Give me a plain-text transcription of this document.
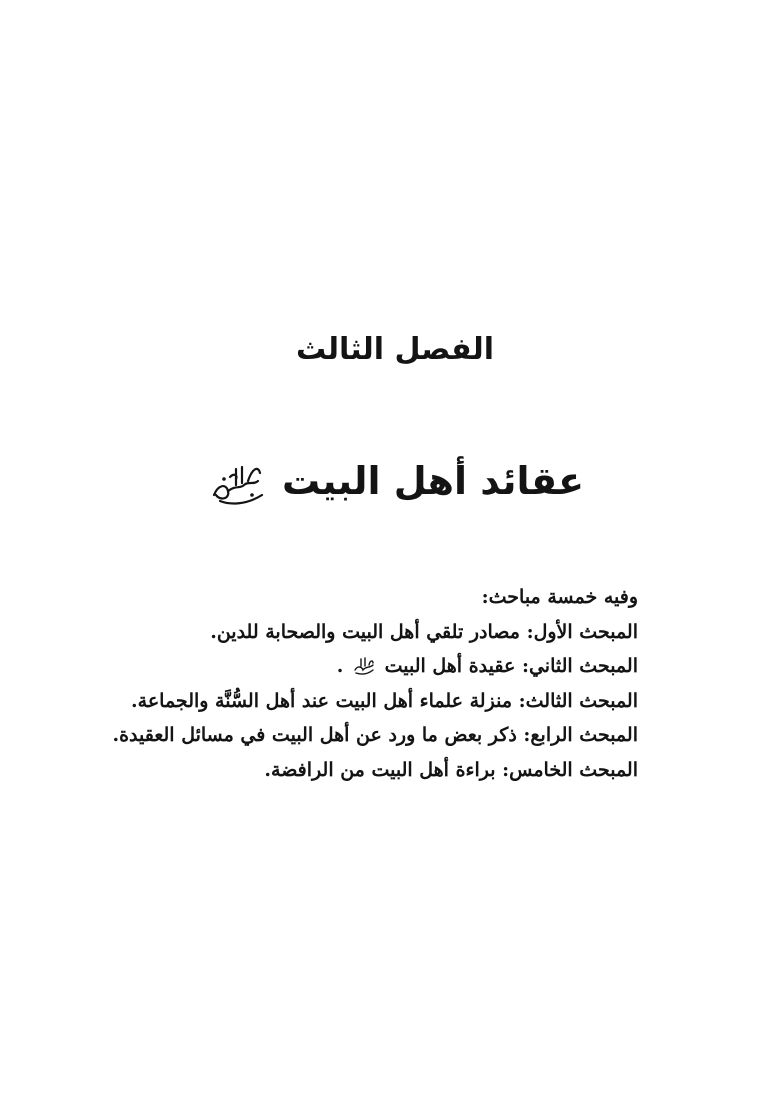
الفصل الثالث
عقائد أهل البيت
وفيه خمسة مباحث:
المبحث الأول: مصادر تلقي أهل البيت والصحابة للدين.
المبحث الثاني: عقيدة أهل البيت  .
المبحث الثالث: منزلة علماء أهل البيت عند أهل السُّنَّة والجماعة.
المبحث الرابع: ذكر بعض ما ورد عن أهل البيت في مسائل العقيدة.
المبحث الخامس: براءة أهل البيت من الرافضة.
